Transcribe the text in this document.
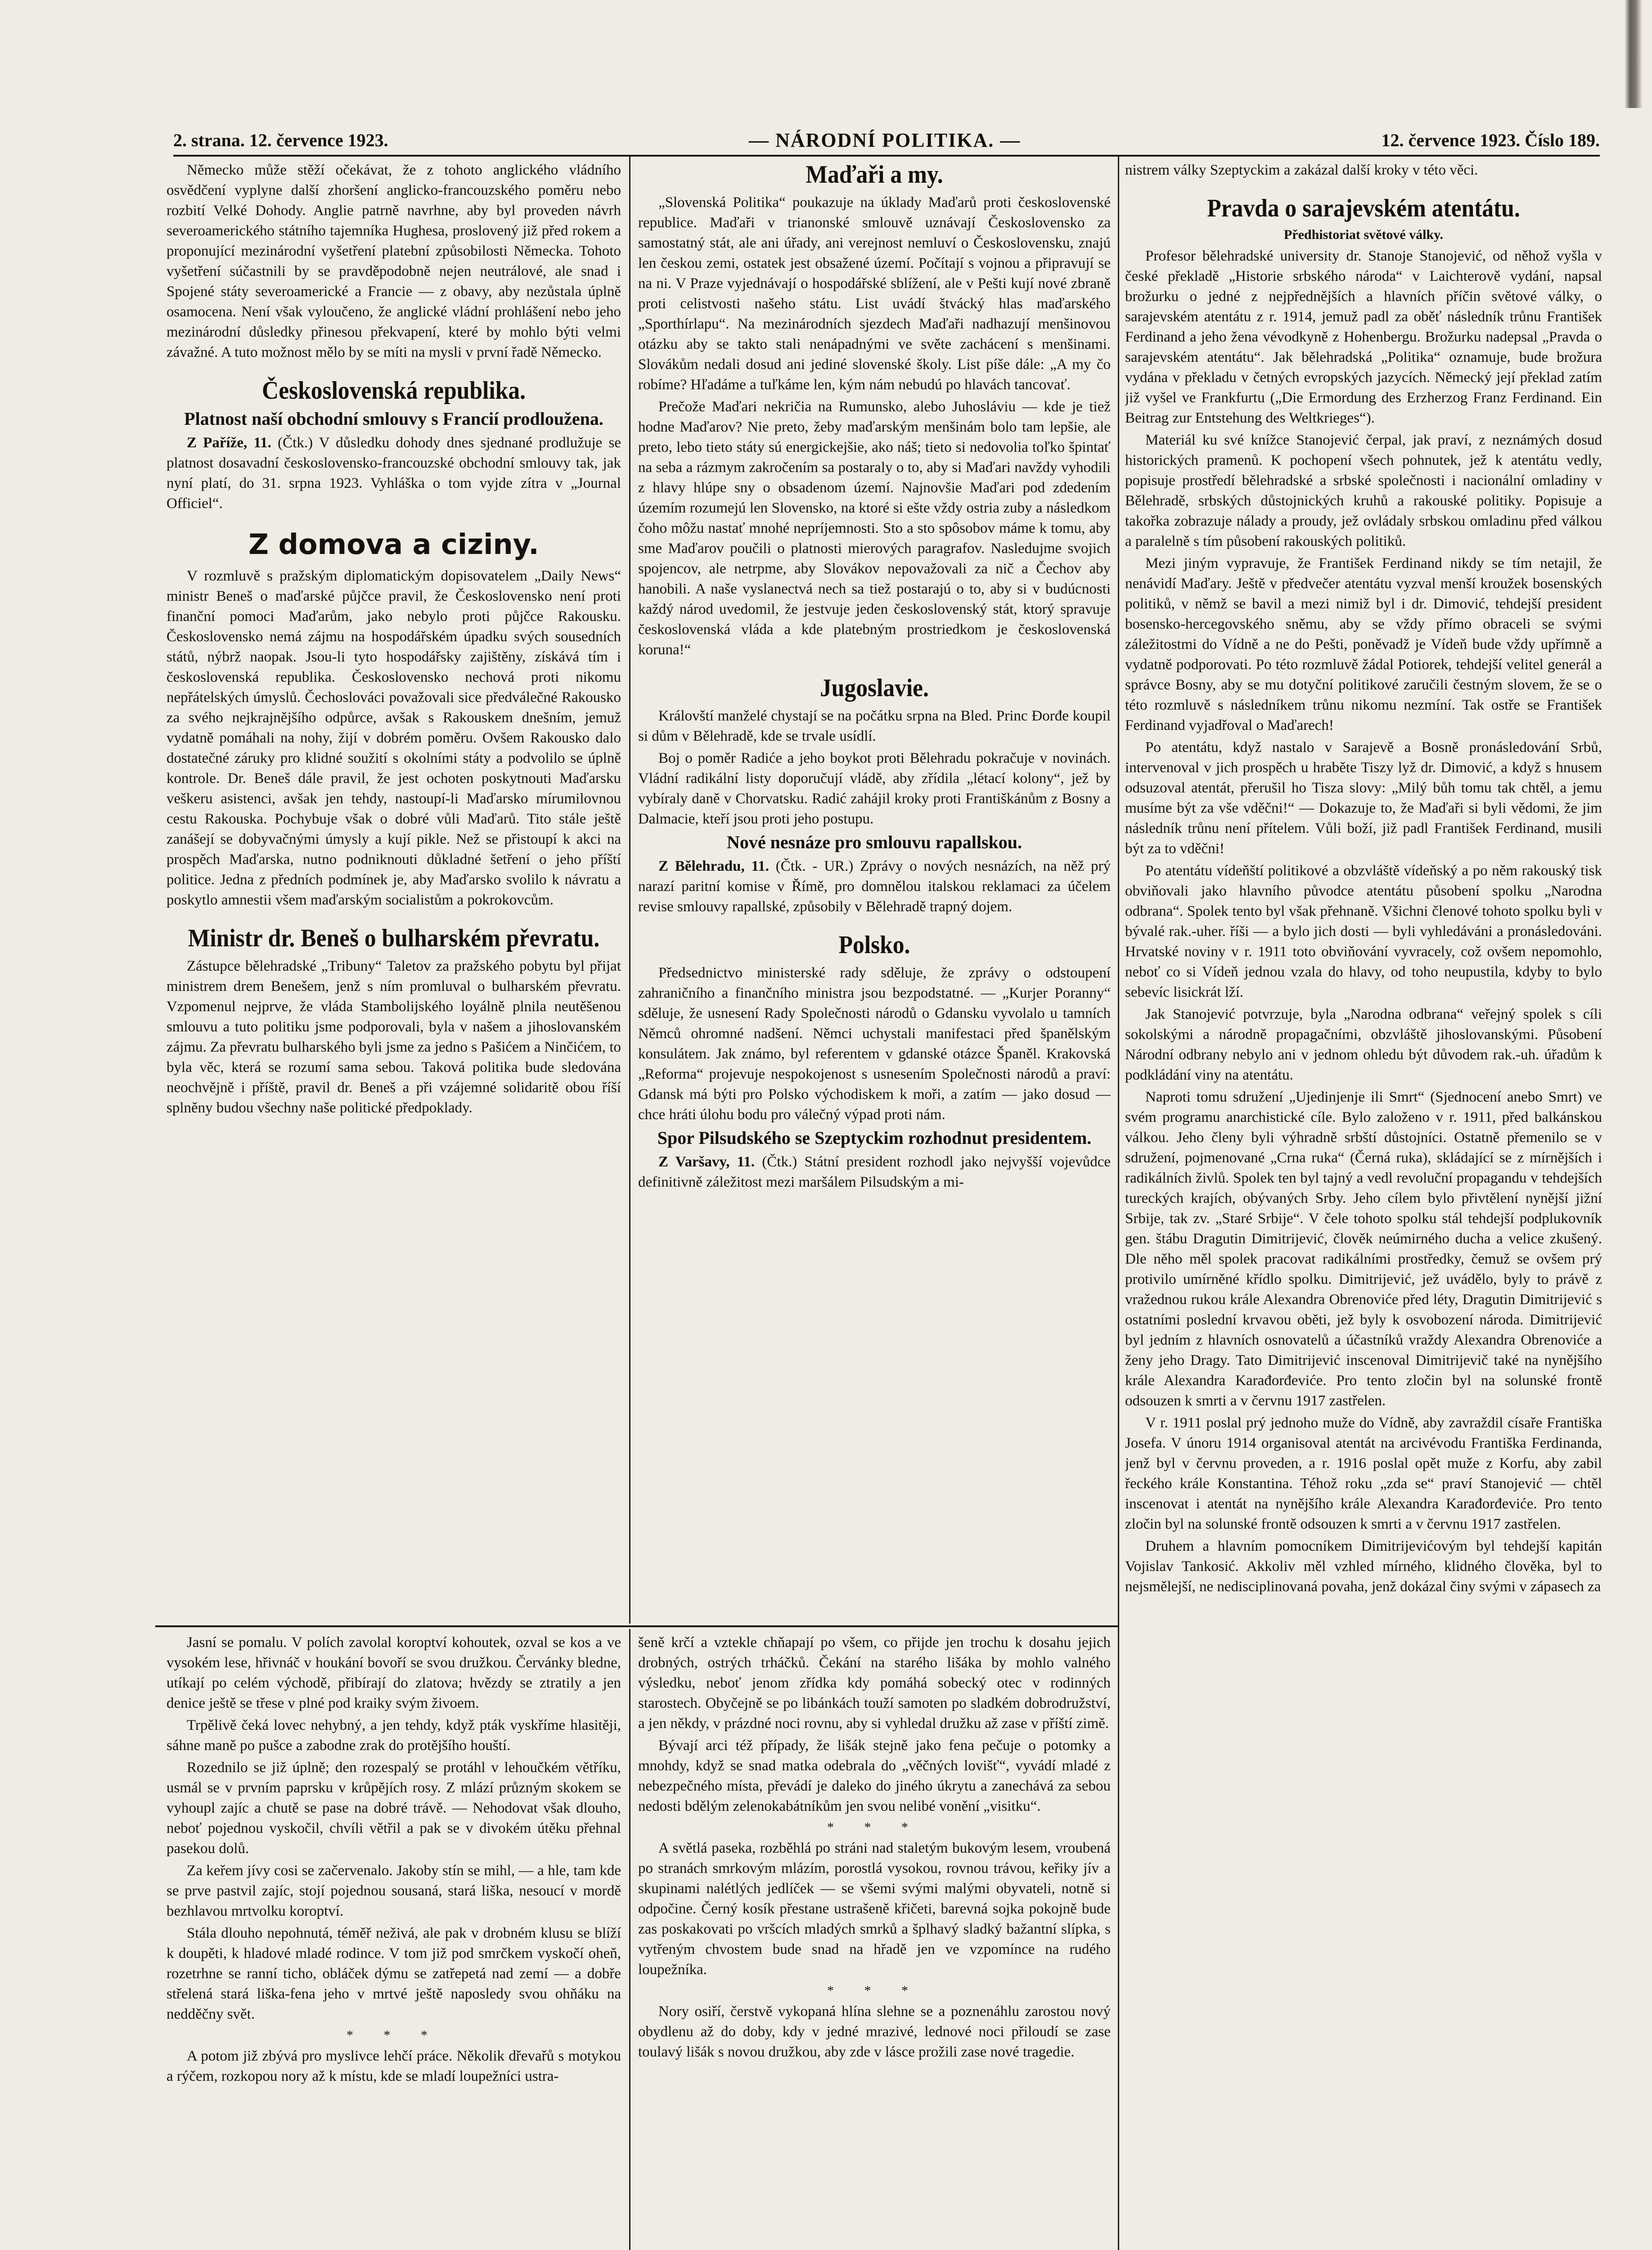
2. strana. 12. července 1923.	— NÁRODNÍ POLITIKA. —	12. července 1923. Číslo 189.

Německo může stěží očekávat, že z tohoto anglického vládního osvědčení vyplyne další zhoršení anglicko-francouzského poměru nebo rozbití Velké Dohody. Anglie patrně navrhne, aby byl proveden návrh severoamerického státního tajemníka Hughesa, proslovený již před rokem a proponující mezinárodní vyšetření platební způsobilosti Německa. Tohoto vyšetření súčastnili by se pravděpodobně nejen neutrálové, ale snad i Spojené státy severoamerické a Francie — z obavy, aby nezůstala úplně osamocena. Není však vyloučeno, že anglické vládní prohlášení nebo jeho mezinárodní důsledky přinesou překvapení, které by mohlo býti velmi závažné. A tuto možnost mělo by se míti na mysli v první řadě Německo.

Československá republika.
Platnost naší obchodní smlouvy s Francií prodloužena.

Z Paříže, 11. (Čtk.) V důsledku dohody dnes sjednané prodlužuje se platnost dosavadní československo-francouzské obchodní smlouvy tak, jak nyní platí, do 31. srpna 1923. Vyhláška o tom vyjde zítra v „Journal Officiel“.

Z domova a ciziny.

V rozmluvě s pražským diplomatickým dopisovatelem „Daily News“ ministr Beneš o maďarské půjčce pravil, že Československo není proti finanční pomoci Maďarům, jako nebylo proti půjčce Rakousku. Československo nemá zájmu na hospodářském úpadku svých sousedních států, nýbrž naopak. Jsou-li tyto hospodářsky zajištěny, získává tím i československá republika. Československo nechová proti nikomu nepřátelských úmyslů. Čechoslováci považovali sice předválečné Rakousko za svého nejkrajnějšího odpůrce, avšak s Rakouskem dnešním, jemuž vydatně pomáhali na nohy, žijí v dobrém poměru. Ovšem Rakousko dalo dostatečné záruky pro klidné soužití s okolními státy a podvolilo se úplně kontrole. Dr. Beneš dále pravil, že jest ochoten poskytnouti Maďarsku veškeru asistenci, avšak jen tehdy, nastoupí-li Maďarsko mírumilovnou cestu Rakouska. Pochybuje však o dobré vůli Maďarů. Tito stále ještě zanášejí se dobyvačnými úmysly a kují pikle. Než se přistoupí k akci na prospěch Maďarska, nutno podniknouti důkladné šetření o jeho příští politice. Jedna z předních podmínek je, aby Maďarsko svolilo k návratu a poskytlo amnestii všem maďarským socialistům a pokrokovcům.

Ministr dr. Beneš o bulharském převratu.

Zástupce bělehradské „Tribuny“ Taletov za pražského pobytu byl přijat ministrem drem Benešem, jenž s ním promluval o bulharském převratu. Vzpomenul nejprve, že vláda Stambolijského loyálně plnila neutěšenou smlouvu a tuto politiku jsme podporovali, byla v našem a jihoslovanském zájmu. Za převratu bulharského byli jsme za jedno s Pašićem a Ninčićem, to byla věc, která se rozumí sama sebou. Taková politika bude sledována neochvějně i příště, pravil dr. Beneš a při vzájemné solidaritě obou říší splněny budou všechny naše politické předpoklady.

Maďaři a my.

„Slovenská Politika“ poukazuje na úklady Maďarů proti československé republice. Maďaři v trianonské smlouvě uznávají Československo za samostatný stát, ale ani úřady, ani verejnost nemluví o Československu, znajú len českou zemi, ostatek jest obsažené území. Počítají s vojnou a připravují se na ni. V Praze vyjednávají o hospodářské sblížení, ale v Pešti kují nové zbraně proti celistvosti našeho státu. List uvádí štvácký hlas maďarského „Sporthírlapu“. Na mezinárodních sjezdech Maďaři nadhazují menšinovou otázku aby se takto stali nenápadnými ve světe zachácení s menšinami. Slovákům nedali dosud ani jediné slovenské školy. List píše dále: „A my čo robíme? Hľadáme a tuľkáme len, kým nám nebudú po hlavách tancovať.

Prečože Maďari nekričia na Rumunsko, alebo Juhosláviu — kde je tiež hodne Maďarov? Nie preto, žeby maďarským menšinám bolo tam lepšie, ale preto, lebo tieto státy sú energickejšie, ako náš; tieto si nedovolia toľko špintať na seba a rázmym zakročením sa postaraly o to, aby si Maďari navždy vyhodili z hlavy hlúpe sny o obsadenom území. Najnovšie Maďari pod zdedením územím rozumejú len Slovensko, na ktoré si ešte vždy ostria zuby a následkom čoho môžu nastať mnohé nepríjemnosti. Sto a sto spôsobov máme k tomu, aby sme Maďarov poučili o platnosti mierových paragrafov. Nasledujme svojich spojencov, ale netrpme, aby Slovákov nepovažovali za nič a Čechov aby hanobili. A naše vyslanectvá nech sa tiež postarajú o to, aby si v budúcnosti každý národ uvedomil, že jestvuje jeden československý stát, ktorý spravuje československá vláda a kde platebným prostriedkom je československá koruna!“

Jugoslavie.

Královští manželé chystají se na počátku srpna na Bled. Princ Đorđe koupil si dům v Bělehradě, kde se trvale usídlí.

Boj o poměr Radiće a jeho boykot proti Bělehradu pokračuje v novinách. Vládní radikální listy doporučují vládě, aby zřídila „létací kolony“, jež by vybíraly daně v Chorvatsku. Radić zahájil kroky proti Františkánům z Bosny a Dalmacie, kteří jsou proti jeho postupu.

Nové nesnáze pro smlouvu rapallskou.

Z Bělehradu, 11. (Čtk. - UR.) Zprávy o nových nesnázích, na něž prý narazí paritní komise v Římě, pro domnělou italskou reklamaci za účelem revise smlouvy rapallské, způsobily v Bělehradě trapný dojem.

Polsko.

Předsednictvo ministerské rady sděluje, že zprávy o odstoupení zahraničního a finančního ministra jsou bezpodstatné. — „Kurjer Poranny“ sděluje, že usnesení Rady Společnosti národů o Gdansku vyvolalo u tamních Němců ohromné nadšení. Němci uchystali manifestaci před španělským konsulátem. Jak známo, byl referentem v gdanské otázce Španěl. Krakovská „Reforma“ projevuje nespokojenost s usnesením Společnosti národů a praví: Gdansk má býti pro Polsko východiskem k moři, a zatím — jako dosud — chce hráti úlohu bodu pro válečný výpad proti nám.

Spor Pilsudského se Szeptyckim rozhodnut presidentem.

Z Varšavy, 11. (Čtk.) Státní president rozhodl jako nejvyšší vojevůdce definitivně záležitost mezi maršálem Pilsudským a mi-

nistrem války Szeptyckim a zakázal další kroky v této věci.

Pravda o sarajevském atentátu.
Předhistoriat světové války.

Profesor bělehradské university dr. Stanoje Stanojević, od něhož vyšla v české překladě „Historie srbského národa“ v Laichterově vydání, napsal brožurku o jedné z nejpřednějších a hlavních příčin světové války, o sarajevském atentátu z r. 1914, jemuž padl za oběť následník trůnu František Ferdinand a jeho žena vévodkyně z Hohenbergu. Brožurku nadepsal „Pravda o sarajevském atentátu“. Jak bělehradská „Politika“ oznamuje, bude brožura vydána v překladu v četných evropských jazycích. Německý její překlad zatím již vyšel ve Frankfurtu („Die Ermordung des Erzherzog Franz Ferdinand. Ein Beitrag zur Entstehung des Weltkrieges“).

Materiál ku své knížce Stanojević čerpal, jak praví, z neznámých dosud historických pramenů. K pochopení všech pohnutek, jež k atentátu vedly, popisuje prostředí bělehradské a srbské společnosti i nacionální omladiny v Bělehradě, srbských důstojnických kruhů a rakouské politiky. Popisuje a takořka zobrazuje nálady a proudy, jež ovládaly srbskou omladinu před válkou a paralelně s tím působení rakouských politiků.

Mezi jiným vypravuje, že František Ferdinand nikdy se tím netajil, že nenávidí Maďary. Ještě v předvečer atentátu vyzval menší kroužek bosenských politiků, v němž se bavil a mezi nimiž byl i dr. Dimović, tehdejší president bosensko-hercegovského sněmu, aby se vždy přímo obraceli se svými záležitostmi do Vídně a ne do Pešti, poněvadž je Vídeň bude vždy upřímně a vydatně podporovati. Po této rozmluvě žádal Potiorek, tehdejší velitel generál a správce Bosny, aby se mu dotyční politikové zaručili čestným slovem, že se o této rozmluvě s následníkem trůnu nikomu nezmíní. Tak ostře se František Ferdinand vyjadřoval o Maďarech!

Po atentátu, když nastalo v Sarajevě a Bosně pronásledování Srbů, intervenoval v jich prospěch u hraběte Tiszy lyž dr. Dimović, a když s hnusem odsuzoval atentát, přerušil ho Tisza slovy: „Milý bůh tomu tak chtěl, a jemu musíme být za vše vděčni!“ — Dokazuje to, že Maďaři si byli vědomi, že jim následník trůnu není přítelem. Vůli boží, již padl František Ferdinand, musili být za to vděčni!

Po atentátu vídeňští politikové a obzvláště vídeňský a po něm rakouský tisk obviňovali jako hlavního původce atentátu působení spolku „Narodna odbrana“. Spolek tento byl však přehnaně. Všichni členové tohoto spolku byli v bývalé rak.-uher. říši — a bylo jich dosti — byli vyhledáváni a pronásledováni. Hrvatské noviny v r. 1911 toto obviňování vyvracely, což ovšem nepomohlo, neboť co si Vídeň jednou vzala do hlavy, od toho neupustila, kdyby to bylo sebevíc lisickrát lží.

Jak Stanojević potvrzuje, byla „Narodna odbrana“ veřejný spolek s cíli sokolskými a národně propagačními, obzvláště jihoslovanskými. Působení Národní odbrany nebylo ani v jednom ohledu být důvodem rak.-uh. úřadům k podkládání viny na atentátu.

Naproti tomu sdružení „Ujedinjenje ili Smrt“ (Sjednocení anebo Smrt) ve svém programu anarchistické cíle. Bylo založeno v r. 1911, před balkánskou válkou. Jeho členy byli výhradně srbští důstojníci. Ostatně přemenilo se v sdružení, pojmenované „Crna ruka“ (Černá ruka), skládající se z mírnějších i radikálních živlů. Spolek ten byl tajný a vedl revoluční propagandu v tehdejších tureckých krajích, obývaných Srby. Jeho cílem bylo přivtělení nynější jižní Srbije, tak zv. „Staré Srbije“. V čele tohoto spolku stál tehdejší podplukovník gen. štábu Dragutin Dimitrijević, člověk neúmirného ducha a velice zkušený. Dle něho měl spolek pracovat radikálními prostředky, čemuž se ovšem prý protivilo umírněné křídlo spolku. Dimitrijević, jež uvádělo, byly to právě z vražednou rukou krále Alexandra Obrenoviće před léty, Dragutin Dimitrijević s ostatními poslední krvavou oběti, jež byly k osvobození národa. Dimitrijević byl jedním z hlavních osnovatelů a účastníků vraždy Alexandra Obrenoviće a ženy jeho Dragy. Tato Dimitrijević inscenoval Dimitrijevič také na nynějšího krále Alexandra Karađorđeviće. Pro tento zločin byl na solunské frontě odsouzen k smrti a v červnu 1917 zastřelen.

V r. 1911 poslal prý jednoho muže do Vídně, aby zavraždil císaře Františka Josefa. V únoru 1914 organisoval atentát na arcivévodu Františka Ferdinanda, jenž byl v červnu proveden, a r. 1916 poslal opět muže z Korfu, aby zabil řeckého krále Konstantina. Téhož roku „zda se“ praví Stanojević — chtěl inscenovat i atentát na nynějšího krále Alexandra Karađorđeviće. Pro tento zločin byl na solunské frontě odsouzen k smrti a v červnu 1917 zastřelen.

Druhem a hlavním pomocníkem Dimitrijevićovým byl tehdejší kapitán Vojislav Tankosić. Akkoliv měl vzhled mírného, klidného člověka, byl to nejsmělejší, ne nedisciplinovaná povaha, jenž dokázal činy svými v zápasech za

Jasní se pomalu. V polích zavolal koroptví kohoutek, ozval se kos a ve vysokém lese, hřivnáč v houkání bovoří se svou družkou. Červánky bledne, utíkají po celém východě, přibírají do zlatova; hvězdy se ztratily a jen denice ještě se třese v plné pod kraiky svým živoem.

Trpělivě čeká lovec nehybný, a jen tehdy, když pták vyskříme hlasitěji, sáhne maně po pušce a zabodne zrak do protějšího houští.

Rozednilo se již úplně; den rozespalý se protáhl v lehoučkém větříku, usmál se v prvním paprsku v krůpějích rosy. Z mlází průzným skokem se vyhoupl zajíc a chutě se pase na dobré trávě. — Nehodovat však dlouho, neboť pojednou vyskočil, chvíli větřil a pak se v divokém útěku přehnal pasekou dolů.

Za keřem jívy cosi se začervenalo. Jakoby stín se mihl, — a hle, tam kde se prve pastvil zajíc, stojí pojednou sousaná, stará liška, nesoucí v mordě bezhlavou mrtvolku koroptví.

Stála dlouho nepohnutá, téměř neživá, ale pak v drobném klusu se blíží k doupěti, k hladové mladé rodince. V tom již pod smrčkem vyskočí oheň, rozetrhne se ranní ticho, obláček dýmu se zatřepetá nad zemí — a dobře střelená stará liška-fena jeho v mrtvé ještě naposledy svou ohňáku na nedděčny svět.

* * *

A potom již zbývá pro myslivce lehčí práce. Několik dřevařů s motykou a rýčem, rozkopou nory až k místu, kde se mladí loupežníci ustra-

šeně krčí a vztekle chňapají po všem, co přijde jen trochu k dosahu jejich drobných, ostrých trháčků. Čekání na starého lišáka by mohlo valného výsledku, neboť jenom zřídka kdy pomáhá sobecký otec v rodinných starostech. Obyčejně se po libánkách touží samoten po sladkém dobrodružství, a jen někdy, v prázdné noci rovnu, aby si vyhledal družku až zase v příští zimě.

Bývají arci též případy, že lišák stejně jako fena pečuje o potomky a mnohdy, když se snad matka odebrala do „věčných lovišť“, vyvádí mladé z nebezpečného místa, převádí je daleko do jiného úkrytu a zanechává za sebou nedosti bdělým zelenokabátníkům jen svou nelibé vonění „visitku“.

* * *

A světlá paseka, rozběhlá po stráni nad staletým bukovým lesem, vroubená po stranách smrkovým mlázím, porostlá vysokou, rovnou trávou, keřiky jív a skupinami nalétlých jedlíček — se všemi svými malými obyvateli, notně si odpočine. Černý kosík přestane ustrašeně křičeti, barevná sojka pokojně bude zas poskakovati po vršcích mladých smrků a šplhavý sladký bažantní slípka, s vytřeným chvostem bude snad na hřadě jen ve vzpomínce na rudého loupežníka.

* * *

Nory osiří, čerstvě vykopaná hlína slehne se a poznenáhlu zarostou nový obydlenu až do doby, kdy v jedné mrazivé, lednové noci přiloudí se zase toulavý lišák s novou družkou, aby zde v lásce prožili zase nové tragedie.
